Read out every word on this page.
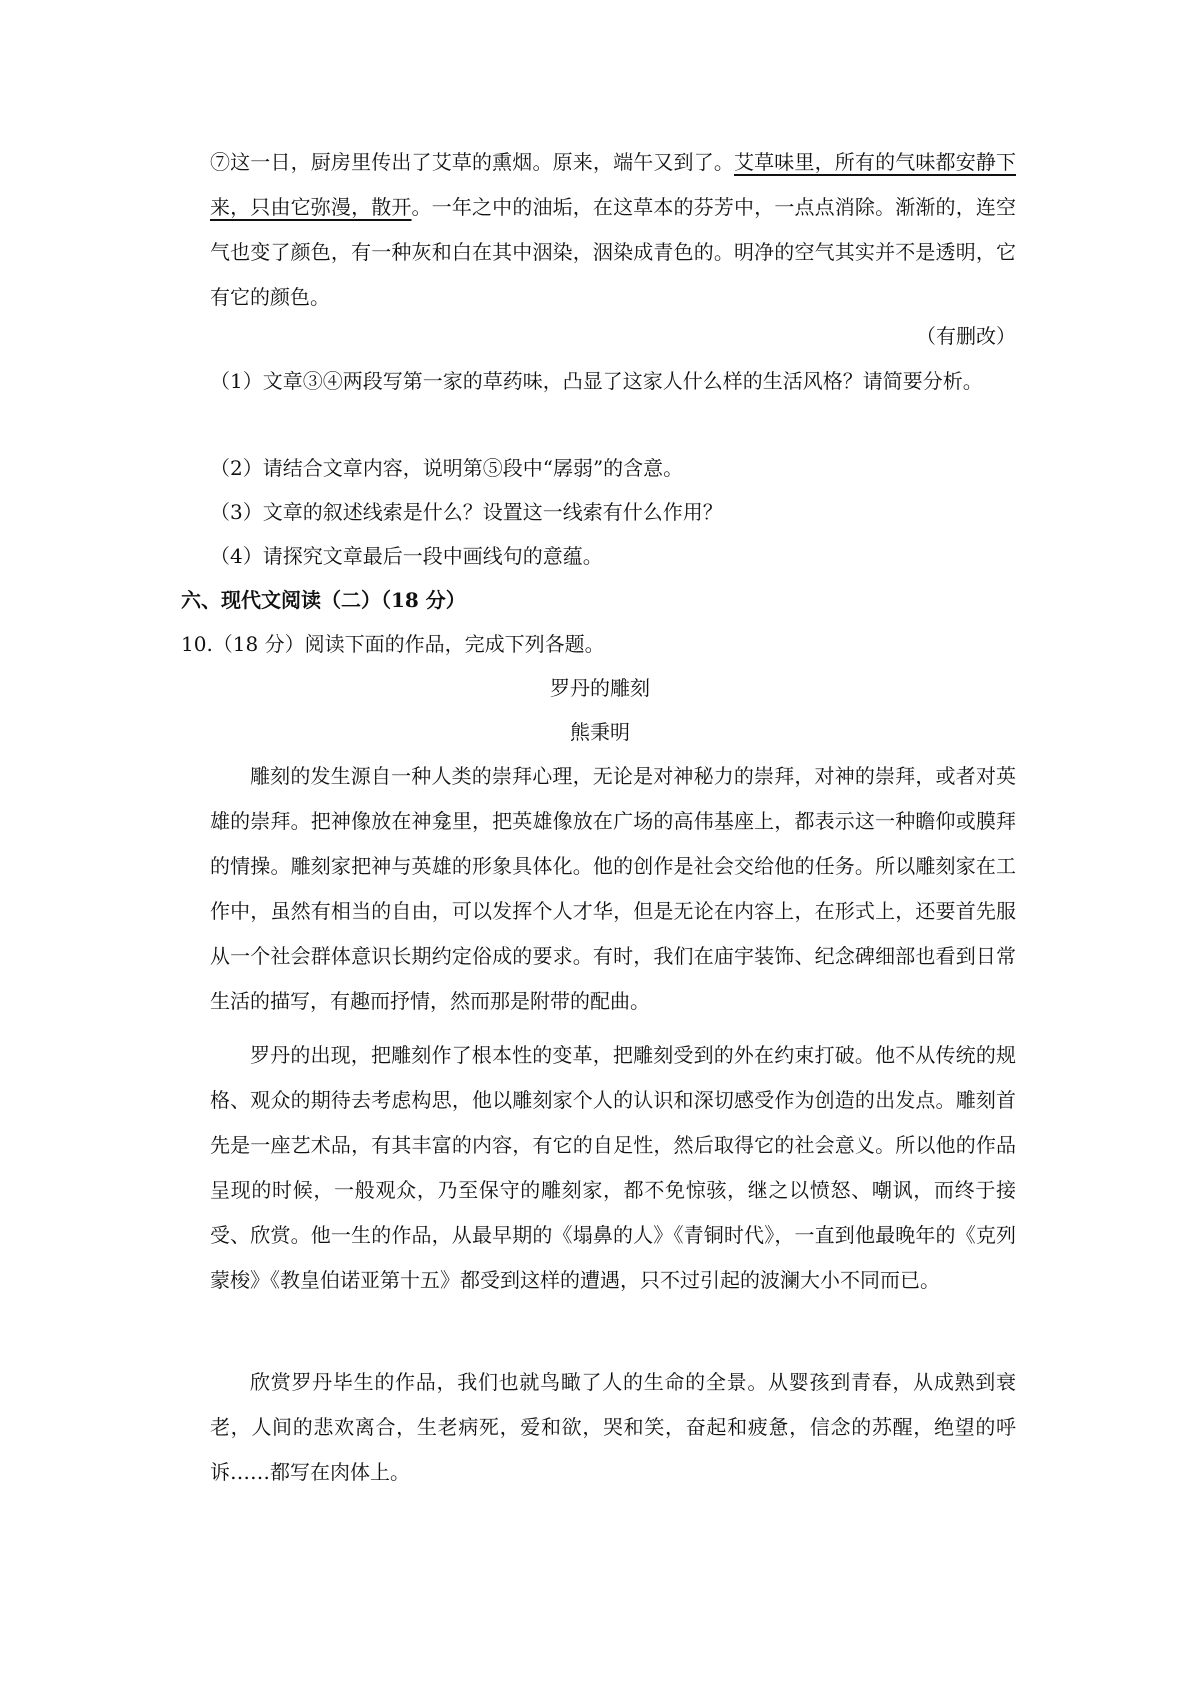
⑦这一日，厨房里传出了艾草的熏烟。原来，端午又到了。艾草味里，所有的气味都安静下来，只由它弥漫，散开。一年之中的油垢，在这草本的芬芳中，一点点消除。渐渐的，连空气也变了颜色，有一种灰和白在其中洇染，洇染成青色的。明净的空气其实并不是透明，它有它的颜色。
（有删改）
（1）文章③④两段写第一家的草药味，凸显了这家人什么样的生活风格？请简要分析。
（2）请结合文章内容，说明第⑤段中“孱弱”的含意。
（3）文章的叙述线索是什么？设置这一线索有什么作用？
（4）请探究文章最后一段中画线句的意蕴。
六、现代文阅读（二）（18 分）
10.（18 分）阅读下面的作品，完成下列各题。
罗丹的雕刻
熊秉明
雕刻的发生源自一种人类的崇拜心理，无论是对神秘力的崇拜，对神的崇拜，或者对英雄的崇拜。把神像放在神龛里，把英雄像放在广场的高伟基座上，都表示这一种瞻仰或膜拜的情操。雕刻家把神与英雄的形象具体化。他的创作是社会交给他的任务。所以雕刻家在工作中，虽然有相当的自由，可以发挥个人才华，但是无论在内容上，在形式上，还要首先服从一个社会群体意识长期约定俗成的要求。有时，我们在庙宇装饰、纪念碑细部也看到日常生活的描写，有趣而抒情，然而那是附带的配曲。
罗丹的出现，把雕刻作了根本性的变革，把雕刻受到的外在约束打破。他不从传统的规格、观众的期待去考虑构思，他以雕刻家个人的认识和深切感受作为创造的出发点。雕刻首先是一座艺术品，有其丰富的内容，有它的自足性，然后取得它的社会意义。所以他的作品呈现的时候，一般观众，乃至保守的雕刻家，都不免惊骇，继之以愤怒、嘲讽，而终于接受、欣赏。他一生的作品，从最早期的《塌鼻的人》《青铜时代》，一直到他最晚年的《克列蒙梭》《教皇伯诺亚第十五》都受到这样的遭遇，只不过引起的波澜大小不同而已。
欣赏罗丹毕生的作品，我们也就鸟瞰了人的生命的全景。从婴孩到青春，从成熟到衰老，人间的悲欢离合，生老病死，爱和欲，哭和笑，奋起和疲惫，信念的苏醒，绝望的呼诉……都写在肉体上。
